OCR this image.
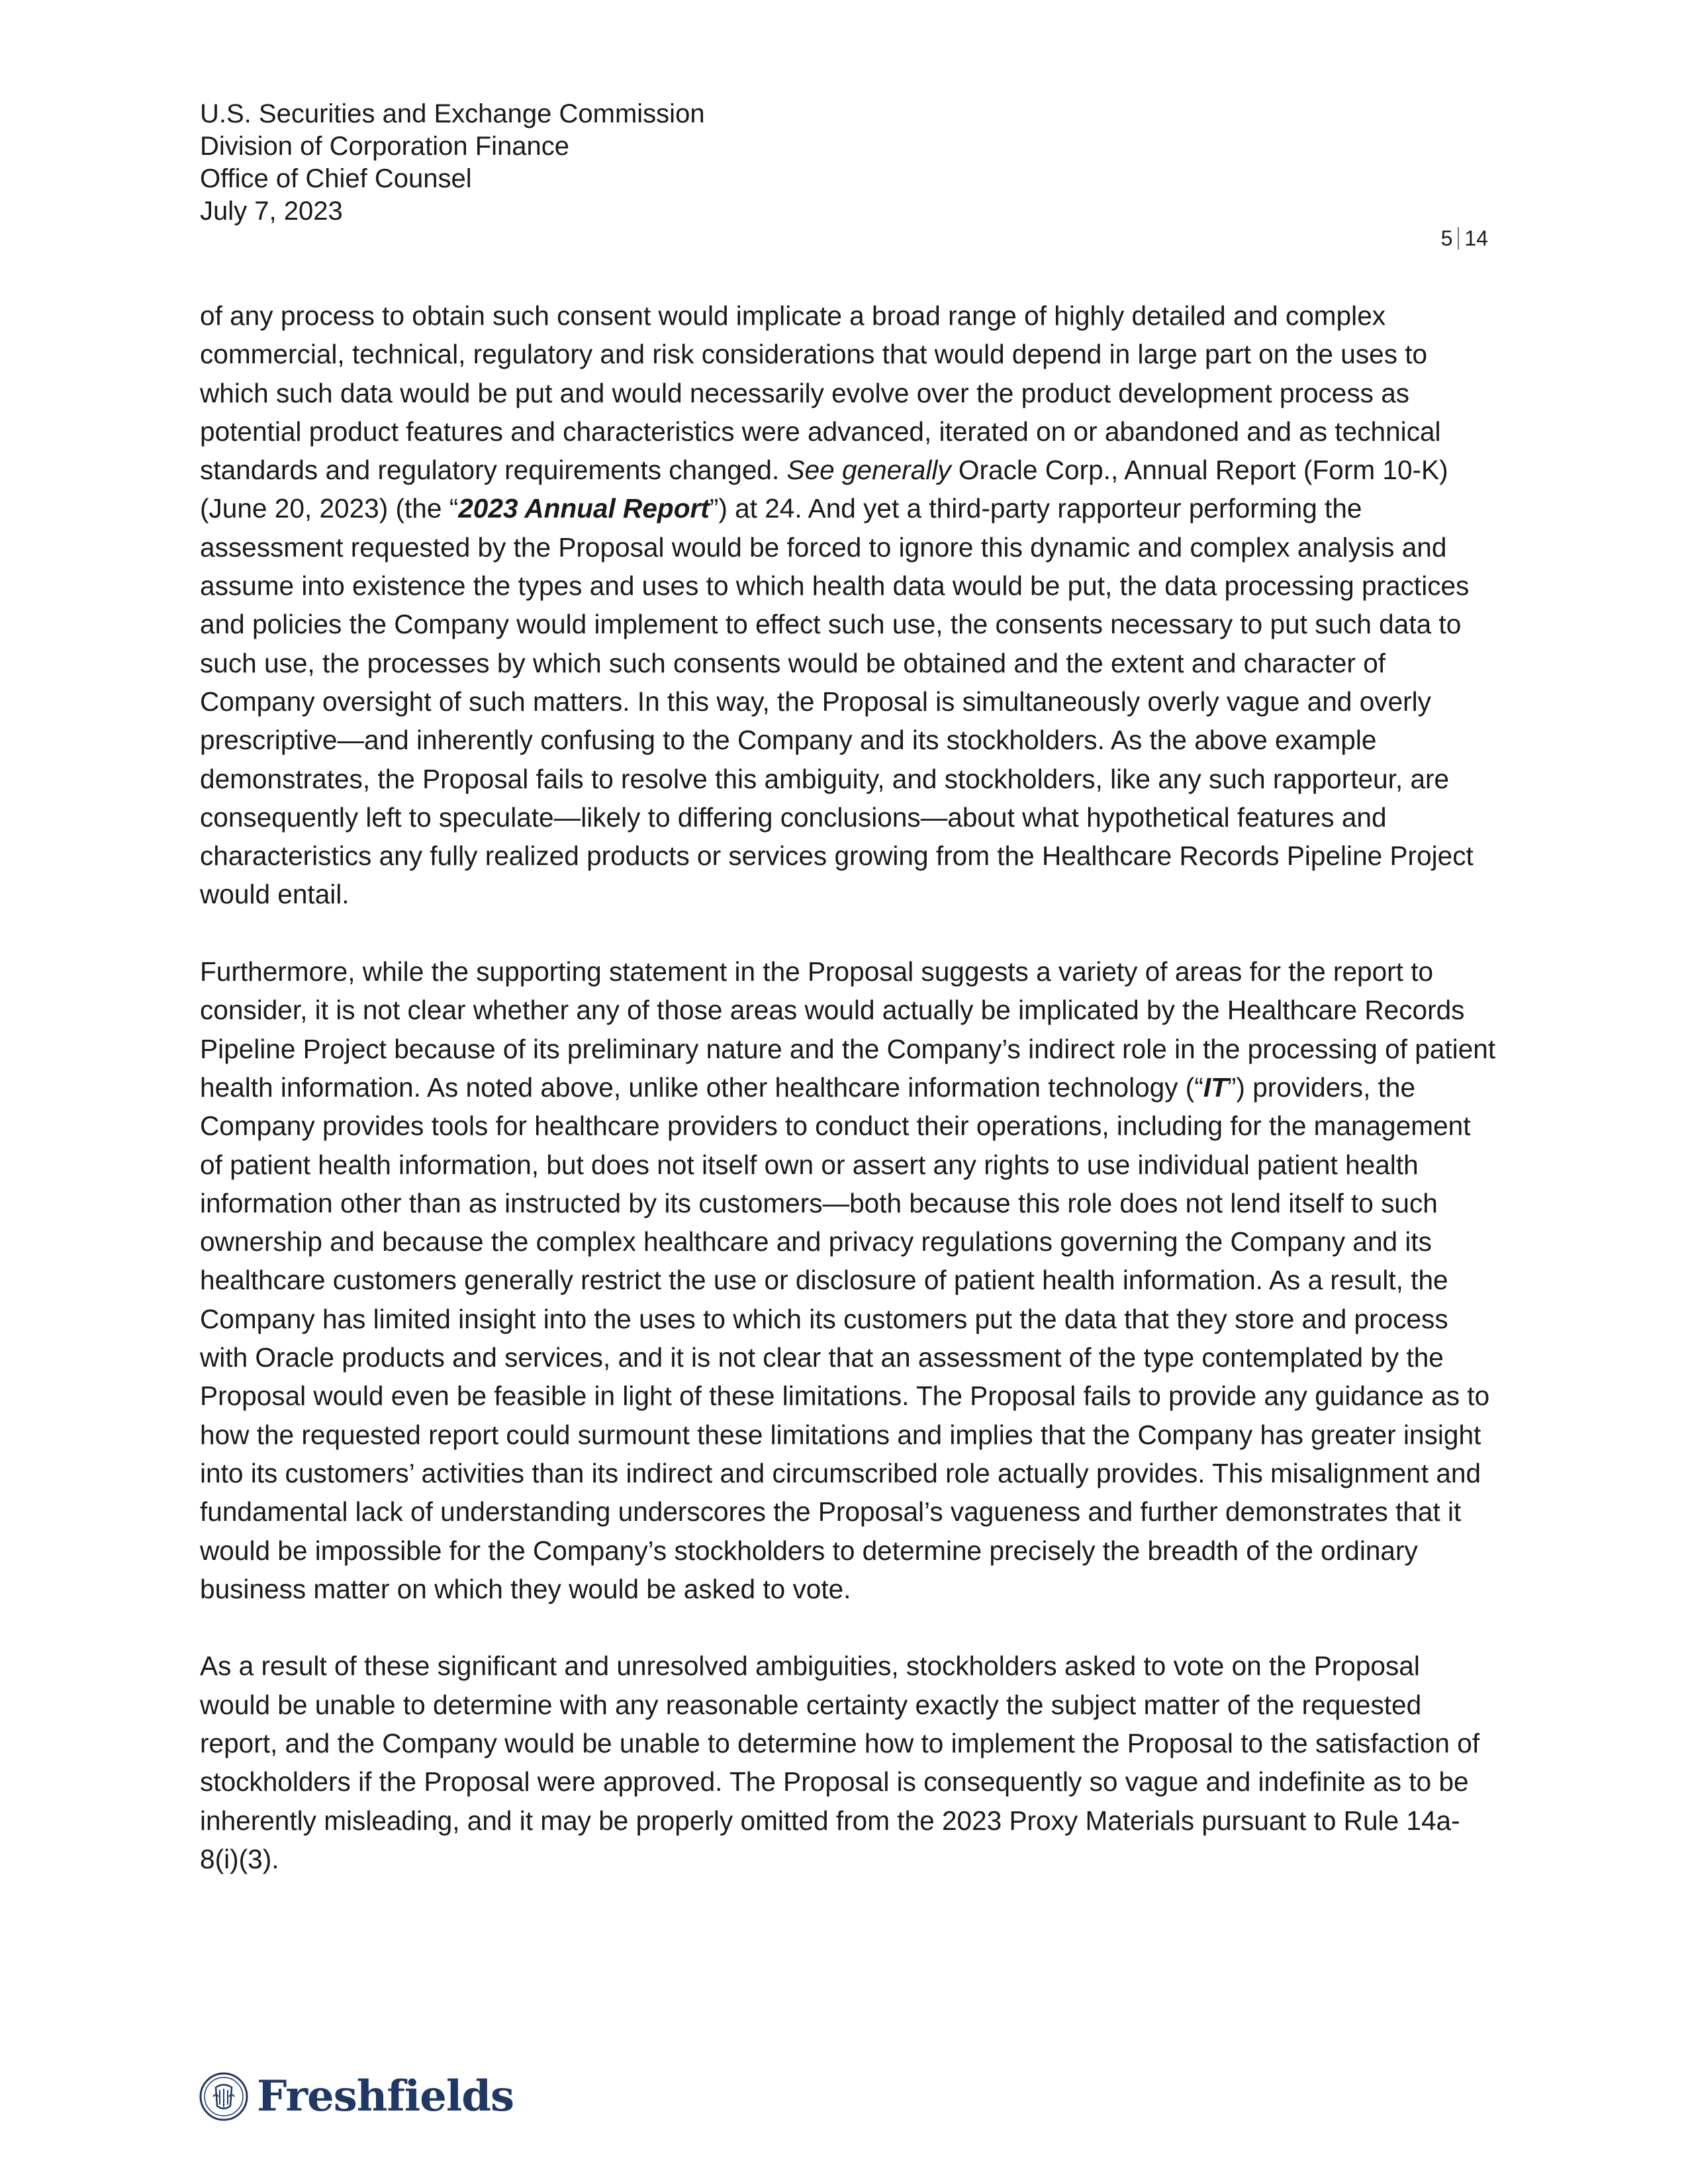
U.S. Securities and Exchange Commission
Division of Corporation Finance
Office of Chief Counsel
July 7, 2023
5 14

of any process to obtain such consent would implicate a broad range of highly detailed and complex commercial, technical, regulatory and risk considerations that would depend in large part on the uses to which such data would be put and would necessarily evolve over the product development process as potential product features and characteristics were advanced, iterated on or abandoned and as technical standards and regulatory requirements changed. See generally Oracle Corp., Annual Report (Form 10-K) (June 20, 2023) (the “2023 Annual Report”) at 24. And yet a third-party rapporteur performing the assessment requested by the Proposal would be forced to ignore this dynamic and complex analysis and assume into existence the types and uses to which health data would be put, the data processing practices and policies the Company would implement to effect such use, the consents necessary to put such data to such use, the processes by which such consents would be obtained and the extent and character of Company oversight of such matters. In this way, the Proposal is simultaneously overly vague and overly prescriptive—and inherently confusing to the Company and its stockholders. As the above example demonstrates, the Proposal fails to resolve this ambiguity, and stockholders, like any such rapporteur, are consequently left to speculate—likely to differing conclusions—about what hypothetical features and characteristics any fully realized products or services growing from the Healthcare Records Pipeline Project would entail.

Furthermore, while the supporting statement in the Proposal suggests a variety of areas for the report to consider, it is not clear whether any of those areas would actually be implicated by the Healthcare Records Pipeline Project because of its preliminary nature and the Company’s indirect role in the processing of patient health information. As noted above, unlike other healthcare information technology (“IT”) providers, the Company provides tools for healthcare providers to conduct their operations, including for the management of patient health information, but does not itself own or assert any rights to use individual patient health information other than as instructed by its customers—both because this role does not lend itself to such ownership and because the complex healthcare and privacy regulations governing the Company and its healthcare customers generally restrict the use or disclosure of patient health information. As a result, the Company has limited insight into the uses to which its customers put the data that they store and process with Oracle products and services, and it is not clear that an assessment of the type contemplated by the Proposal would even be feasible in light of these limitations. The Proposal fails to provide any guidance as to how the requested report could surmount these limitations and implies that the Company has greater insight into its customers’ activities than its indirect and circumscribed role actually provides. This misalignment and fundamental lack of understanding underscores the Proposal’s vagueness and further demonstrates that it would be impossible for the Company’s stockholders to determine precisely the breadth of the ordinary business matter on which they would be asked to vote.

As a result of these significant and unresolved ambiguities, stockholders asked to vote on the Proposal would be unable to determine with any reasonable certainty exactly the subject matter of the requested report, and the Company would be unable to determine how to implement the Proposal to the satisfaction of stockholders if the Proposal were approved. The Proposal is consequently so vague and indefinite as to be inherently misleading, and it may be properly omitted from the 2023 Proxy Materials pursuant to Rule 14a-8(i)(3).

Freshfields
